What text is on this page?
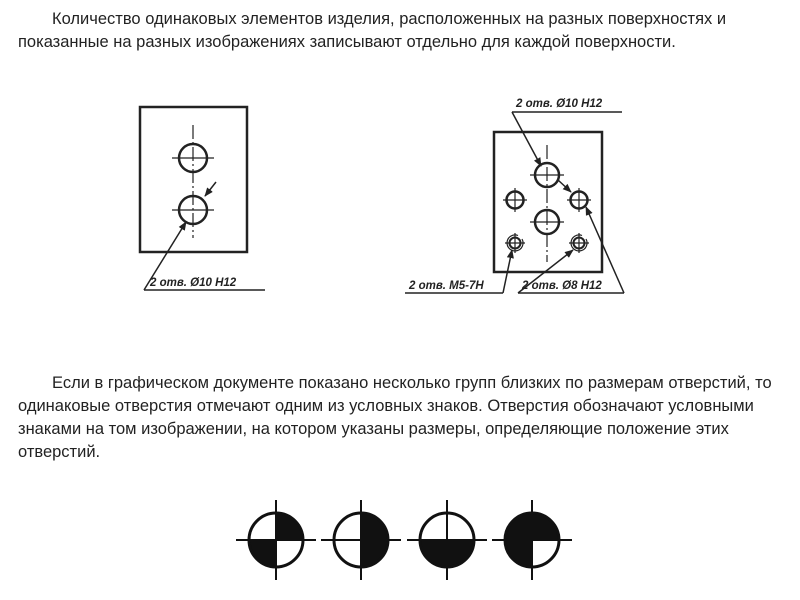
Количество одинаковых элементов изделия, расположенных на разных поверхностях и показанные на разных изображениях записывают отдельно для каждой поверхности.

2 отв. Ø10 H12
2 отв. Ø10 H12
2 отв. M5-7H	2 отв. Ø8 H12

Если в графическом документе показано несколько групп близких по размерам отверстий, то одинаковые отверстия отмечают одним из условных знаков. Отверстия обозначают условными знаками на том изображении, на котором указаны размеры, определяющие положение этих отверстий.
